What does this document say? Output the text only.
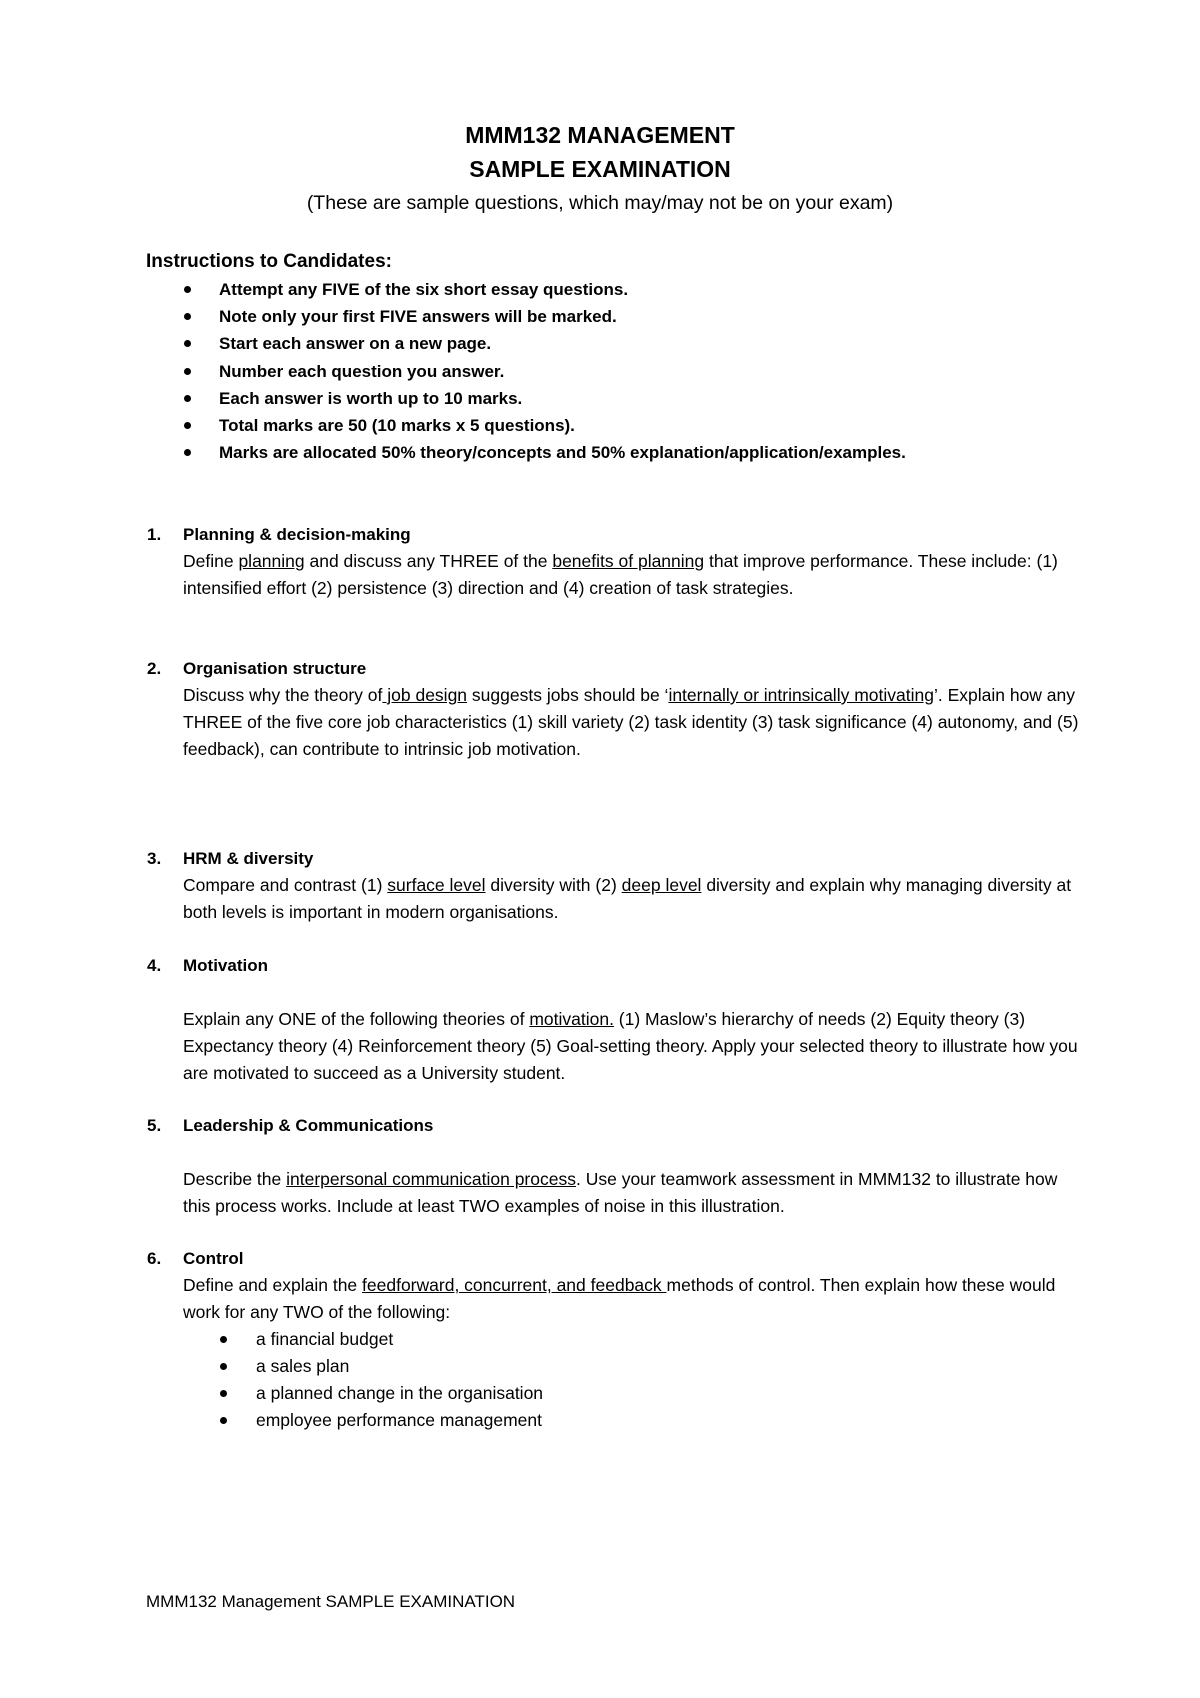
MMM132 MANAGEMENT
SAMPLE EXAMINATION
(These are sample questions, which may/may not be on your exam)
Instructions to Candidates:
Attempt any FIVE of the six short essay questions.
Note only your first FIVE answers will be marked.
Start each answer on a new page.
Number each question you answer.
Each answer is worth up to 10 marks.
Total marks are 50 (10 marks x 5 questions).
Marks are allocated 50% theory/concepts and 50% explanation/application/examples.
1. Planning & decision-making
Define planning and discuss any THREE of the benefits of planning that improve performance. These include: (1) intensified effort (2) persistence (3) direction and (4) creation of task strategies.
2. Organisation structure
Discuss why the theory of job design suggests jobs should be ‘internally or intrinsically motivating’. Explain how any THREE of the five core job characteristics (1) skill variety (2) task identity (3) task significance (4) autonomy, and (5) feedback), can contribute to intrinsic job motivation.
3. HRM & diversity
Compare and contrast (1) surface level diversity with (2) deep level diversity and explain why managing diversity at both levels is important in modern organisations.
4. Motivation
Explain any ONE of the following theories of motivation. (1) Maslow’s hierarchy of needs (2) Equity theory (3) Expectancy theory (4) Reinforcement theory (5) Goal-setting theory. Apply your selected theory to illustrate how you are motivated to succeed as a University student.
5. Leadership & Communications
Describe the interpersonal communication process. Use your teamwork assessment in MMM132 to illustrate how this process works. Include at least TWO examples of noise in this illustration.
6. Control
Define and explain the feedforward, concurrent, and feedback methods of control. Then explain how these would work for any TWO of the following:
a financial budget
a sales plan
a planned change in the organisation
employee performance management
MMM132 Management SAMPLE EXAMINATION
